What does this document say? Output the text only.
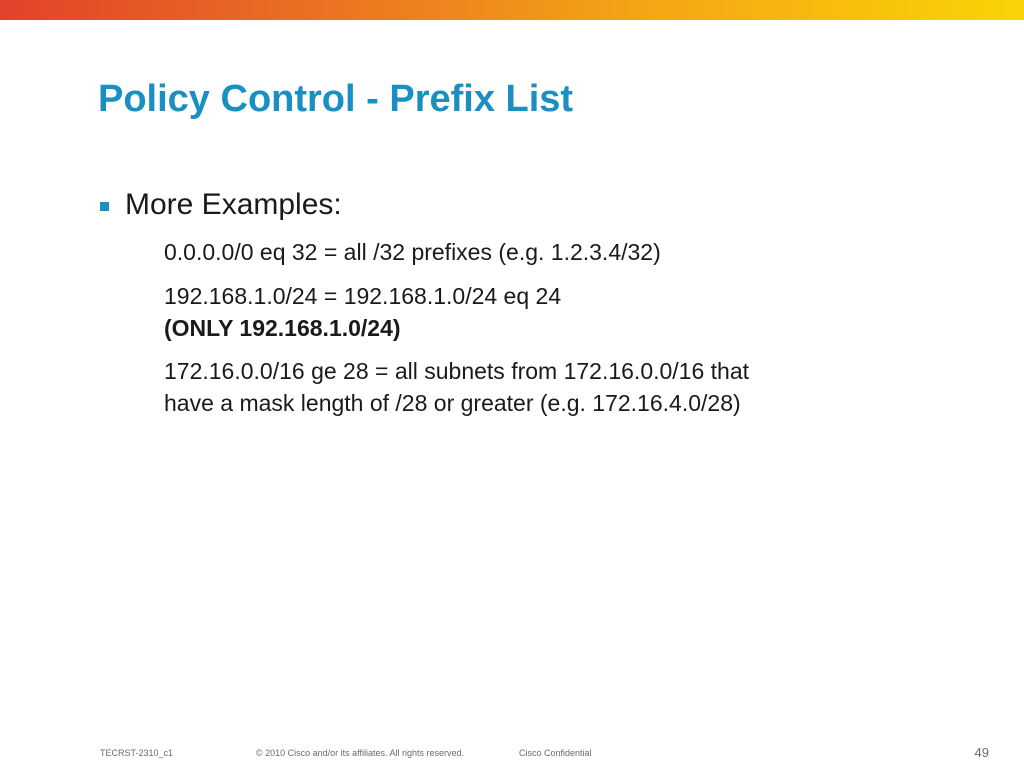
Policy Control - Prefix List
More Examples:
0.0.0.0/0 eq 32 = all /32 prefixes (e.g. 1.2.3.4/32)
192.168.1.0/24 = 192.168.1.0/24 eq 24
(ONLY 192.168.1.0/24)
172.16.0.0/16 ge 28 = all subnets from 172.16.0.0/16 that
have a mask length of /28 or greater (e.g. 172.16.4.0/28)
TECRST-2310_c1	© 2010 Cisco and/or its affiliates. All rights reserved.	Cisco Confidential	49
